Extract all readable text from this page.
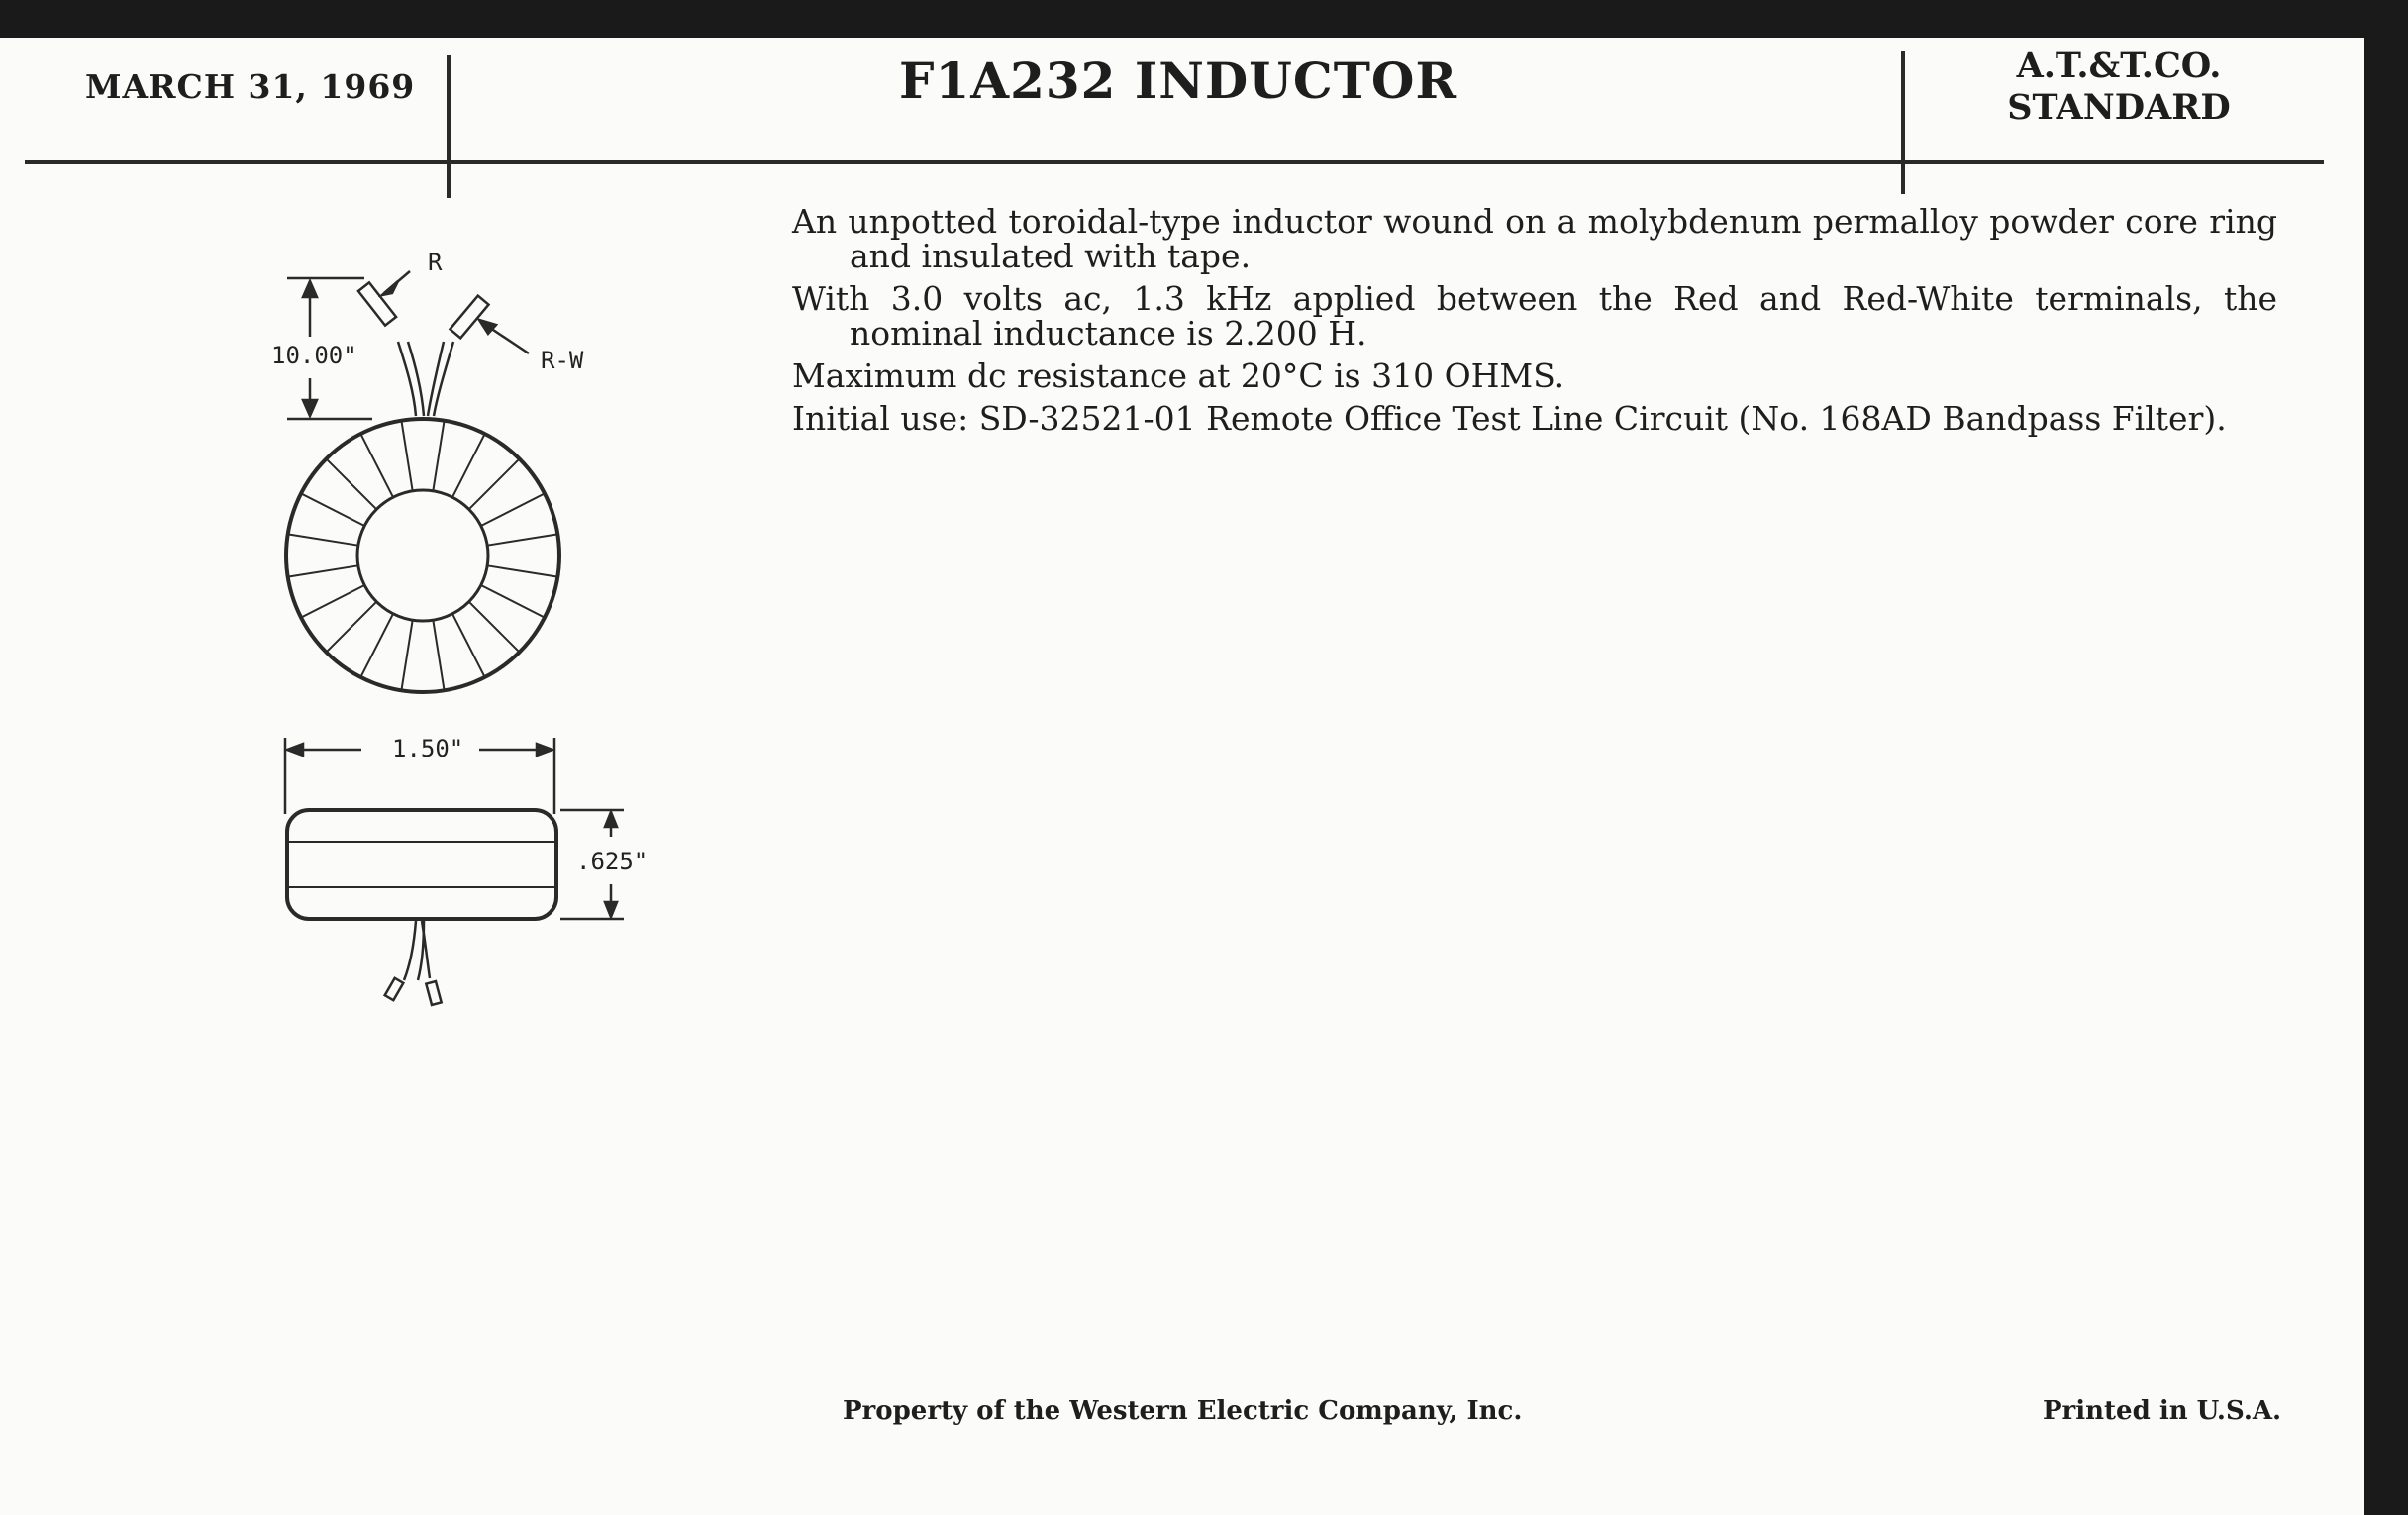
MARCH 31, 1969	F1A232 INDUCTOR	A.T.&T.CO.
STANDARD
R
R-W
10.00"
1.50"
.625"

An unpotted toroidal-type inductor wound on a molybdenum permalloy powder core ring and insulated with tape.

With 3.0 volts ac, 1.3 kHz applied between the Red and Red-White terminals, the nominal inductance is 2.200 H.

Maximum dc resistance at 20°C is 310 OHMS.

Initial use: SD-32521-01 Remote Office Test Line Circuit (No. 168AD Bandpass Filter).

Property of the Western Electric Company, Inc.	Printed in U.S.A.
